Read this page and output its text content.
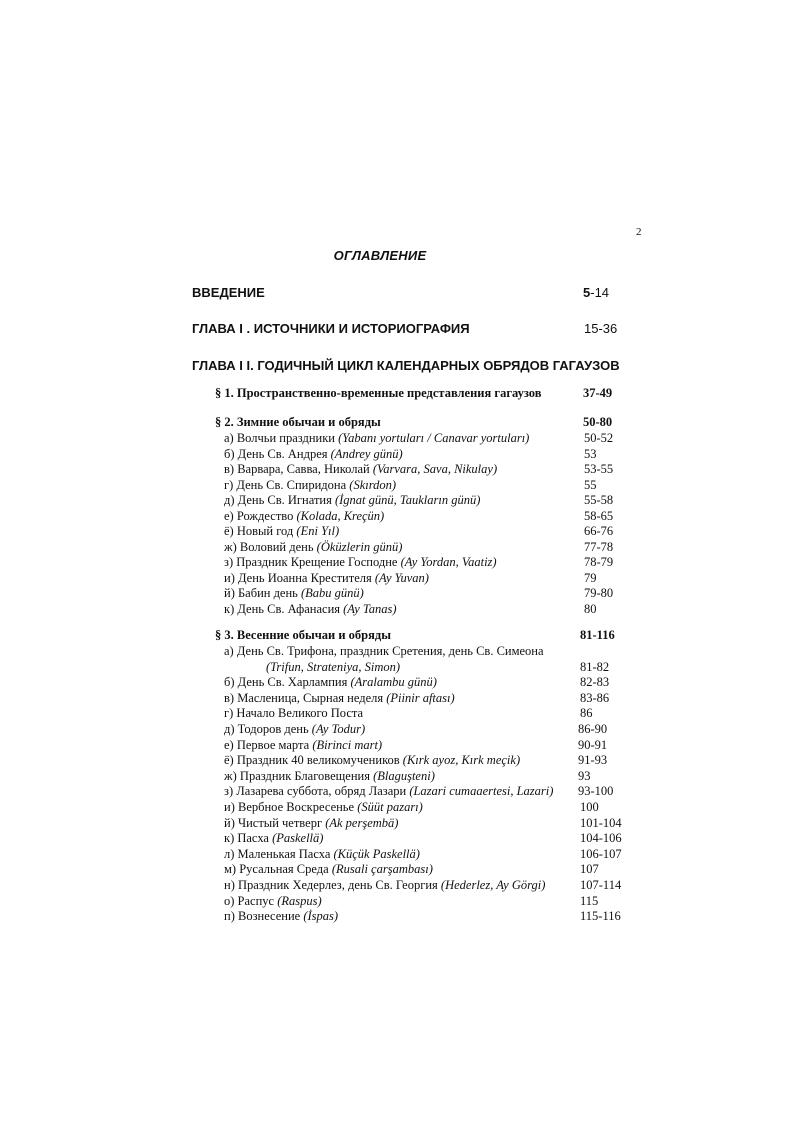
2
ОГЛАВЛЕНИЕ
ВВЕДЕНИЕ	5-14
ГЛАВА I . ИСТОЧНИКИ И ИСТОРИОГРАФИЯ	15-36
ГЛАВА I I. ГОДИЧНЫЙ ЦИКЛ КАЛЕНДАРНЫХ ОБРЯДОВ ГАГАУЗОВ
§ 1. Пространственно-временные представления гагаузов	37-49
§ 2. Зимние обычаи и обряды	50-80
а) Волчьи праздники (Yabanı yortuları / Canavar yortuları)	50-52
б) День Св. Андрея (Andrey günü)	53
в) Варвара, Савва, Николай (Varvara, Sava, Nikulay)	53-55
г) День Св. Спиридона (Skırdon)	55
д) День Св. Игнатия (İgnat günü, Taukların günü)	55-58
е) Рождество (Kolada, Kreçün)	58-65
ё) Новый год (Eni Yıl)	66-76
ж) Воловий день (Öküzlerin günü)	77-78
з) Праздник Крещение Господне (Ay Yordan, Vaatiz)	78-79
и) День Иоанна Крестителя (Ay Yuvan)	79
й) Бабин день (Babu günü)	79-80
к) День Св. Афанасия (Ay Tanas)	80
§ 3. Весенние обычаи и обряды	81-116
а) День Св. Трифона, праздник Сретения, день Св. Симеона
(Trifun, Strateniya, Simon)	81-82
б) День Св. Харлампия (Aralambu günü)	82-83
в) Масленица, Сырная неделя (Piinir aftası)	83-86
г) Начало Великого Поста	86
д) Тодоров день (Ay Todur)	86-90
е) Первое марта (Birinci mart)	90-91
ё) Праздник 40 великомучеников (Kırk ayoz, Kırk meçik)	91-93
ж) Праздник Благовещения (Blaguşteni)	93
з) Лазарева суббота, обряд Лазари (Lazari cumaaertesi, Lazari) 93-100
и) Вербное Воскресенье (Süüt pazarı)	100
й) Чистый четверг (Ak perşembä)	101-104
к) Пасха (Paskellä)	104-106
л) Маленькая Пасха (Küçük Paskellä)	106-107
м) Русальная Среда (Rusali çarşambası)	107
н) Праздник Хедерлез, день Св. Георгия (Hederlez, Ay Görgi)	107-114
о) Распус (Raspus)	115
п) Вознесение (İspas)	115-116
